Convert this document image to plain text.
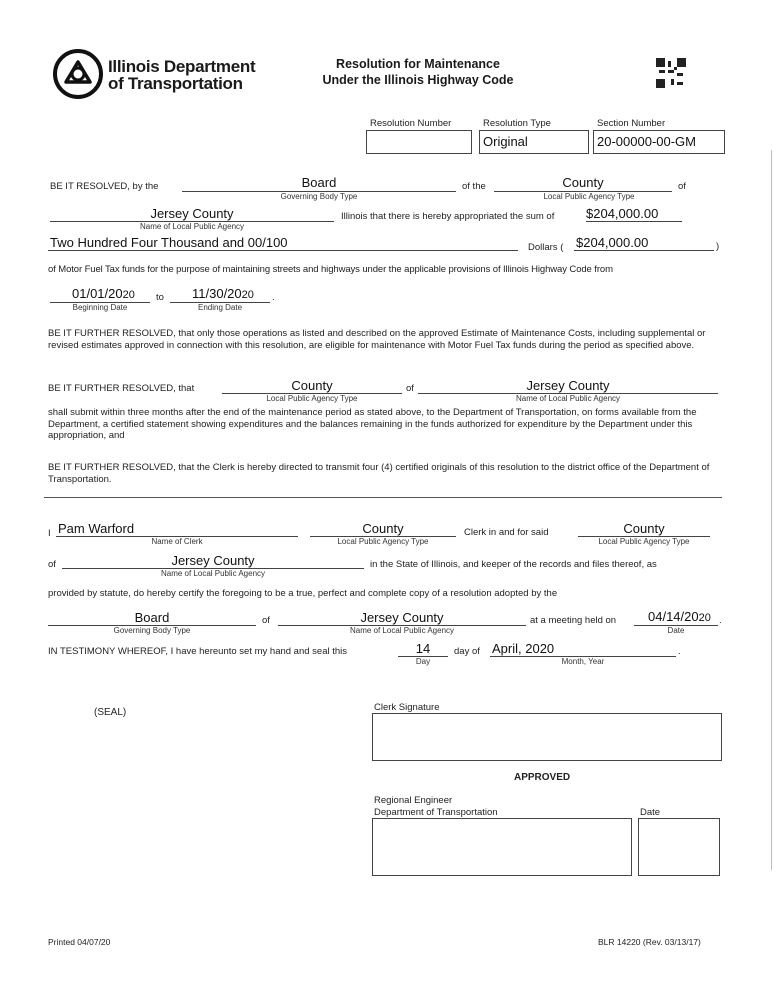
Illinois Department
of Transportation
Resolution for Maintenance
Under the Illinois Highway Code
Resolution Number	Resolution Type
Original
Section Number
20-00000-00-GM
BE IT RESOLVED, by the	Board
Governing Body Type
of the	County
Local Public Agency Type
of
Jersey County
Name of Local Public Agency
Illinois that there is hereby appropriated the sum of $204,000.00
Two Hundred Four Thousand and 00/100	Dollars ( $204,000.00	)
of Motor Fuel Tax funds for the purpose of maintaining streets and highways under the applicable provisions of Illinois Highway Code from
01/01/2020
Beginning Date
to 11/30/2020
Ending Date
.
BE IT FURTHER RESOLVED, that only those operations as listed and described on the approved Estimate of Maintenance Costs, including supplemental or revised estimates approved in connection with this resolution, are eligible for maintenance with Motor Fuel Tax funds during the period as specified above.
BE IT FURTHER RESOLVED, that	County
Local Public Agency Type
of	Jersey County
Name of Local Public Agency
shall submit within three months after the end of the maintenance period as stated above, to the Department of Transportation, on forms available from the Department, a certified statement showing expenditures and the balances remaining in the funds authorized for expenditure by the Department under this appropriation, and
BE IT FURTHER RESOLVED, that the Clerk is hereby directed to transmit four (4) certified originals of this resolution to the district office of the Department of Transportation.
I Pam Warford
Name of Clerk
County
Local Public Agency Type
Clerk in and for said	County
Local Public Agency Type
of	Jersey County
Name of Local Public Agency
in the State of Illinois, and keeper of the records and files thereof, as
provided by statute, do hereby certify the foregoing to be a true, perfect and complete copy of a resolution adopted by the
Board
Governing Body Type
of	Jersey County
Name of Local Public Agency
at a meeting held on 04/14/2020
Date
.
IN TESTIMONY WHEREOF, I have hereunto set my hand and seal this	14
Day
day of April, 2020
Month, Year
.
(SEAL)	Clerk Signature
APPROVED
Regional Engineer
Department of Transportation	Date
Printed 04/07/20	BLR 14220 (Rev. 03/13/17)
